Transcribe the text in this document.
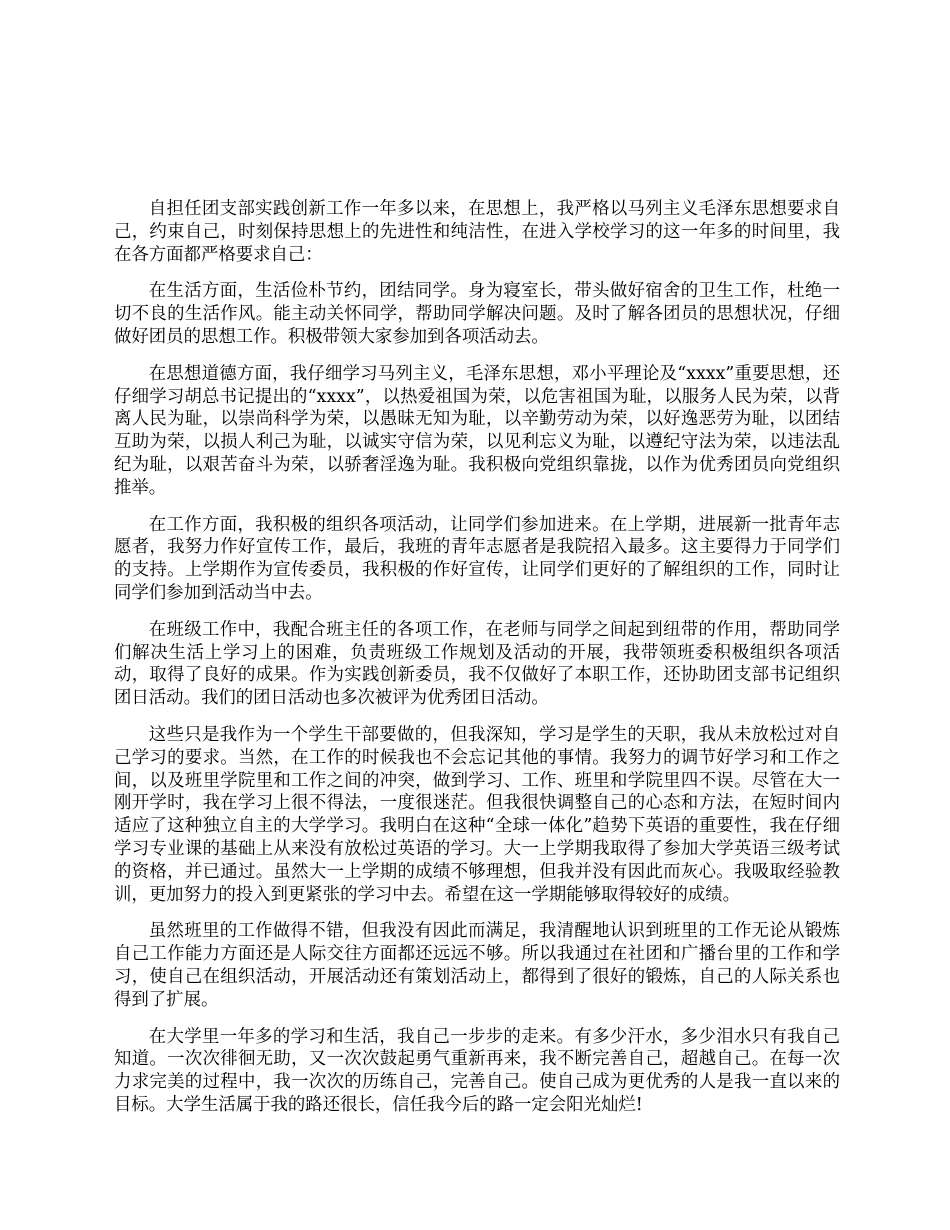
自担任团支部实践创新工作一年多以来，在思想上，我严格以马列主义毛泽东思想要求自己，约束自己，时刻保持思想上的先进性和纯洁性，在进入学校学习的这一年多的时间里，我在各方面都严格要求自己：

在生活方面，生活俭朴节约，团结同学。身为寝室长，带头做好宿舍的卫生工作，杜绝一切不良的生活作风。能主动关怀同学，帮助同学解决问题。及时了解各团员的思想状况，仔细做好团员的思想工作。积极带领大家参加到各项活动去。

在思想道德方面，我仔细学习马列主义，毛泽东思想，邓小平理论及“xxxx”重要思想，还仔细学习胡总书记提出的“xxxx”，以热爱祖国为荣，以危害祖国为耻，以服务人民为荣，以背离人民为耻，以崇尚科学为荣，以愚昧无知为耻，以辛勤劳动为荣，以好逸恶劳为耻，以团结互助为荣，以损人利己为耻，以诚实守信为荣，以见利忘义为耻，以遵纪守法为荣，以违法乱纪为耻，以艰苦奋斗为荣，以骄奢淫逸为耻。我积极向党组织靠拢，以作为优秀团员向党组织推举。

在工作方面，我积极的组织各项活动，让同学们参加进来。在上学期，进展新一批青年志愿者，我努力作好宣传工作，最后，我班的青年志愿者是我院招入最多。这主要得力于同学们的支持。上学期作为宣传委员，我积极的作好宣传，让同学们更好的了解组织的工作，同时让同学们参加到活动当中去。

在班级工作中，我配合班主任的各项工作，在老师与同学之间起到纽带的作用，帮助同学们解决生活上学习上的困难，负责班级工作规划及活动的开展，我带领班委积极组织各项活动，取得了良好的成果。作为实践创新委员，我不仅做好了本职工作，还协助团支部书记组织团日活动。我们的团日活动也多次被评为优秀团日活动。

这些只是我作为一个学生干部要做的，但我深知，学习是学生的天职，我从未放松过对自己学习的要求。当然，在工作的时候我也不会忘记其他的事情。我努力的调节好学习和工作之间，以及班里学院里和工作之间的冲突，做到学习、工作、班里和学院里四不误。尽管在大一刚开学时，我在学习上很不得法，一度很迷茫。但我很快调整自己的心态和方法，在短时间内适应了这种独立自主的大学学习。我明白在这种“全球一体化”趋势下英语的重要性，我在仔细学习专业课的基础上从来没有放松过英语的学习。大一上学期我取得了参加大学英语三级考试的资格，并已通过。虽然大一上学期的成绩不够理想，但我并没有因此而灰心。我吸取经验教训，更加努力的投入到更紧张的学习中去。希望在这一学期能够取得较好的成绩。

虽然班里的工作做得不错，但我没有因此而满足，我清醒地认识到班里的工作无论从锻炼自己工作能力方面还是人际交往方面都还远远不够。所以我通过在社团和广播台里的工作和学习，使自己在组织活动，开展活动还有策划活动上，都得到了很好的锻炼，自己的人际关系也得到了扩展。

在大学里一年多的学习和生活，我自己一步步的走来。有多少汗水，多少泪水只有我自己知道。一次次徘徊无助，又一次次鼓起勇气重新再来，我不断完善自己，超越自己。在每一次力求完美的过程中，我一次次的历练自己，完善自己。使自己成为更优秀的人是我一直以来的目标。大学生活属于我的路还很长，信任我今后的路一定会阳光灿烂!
